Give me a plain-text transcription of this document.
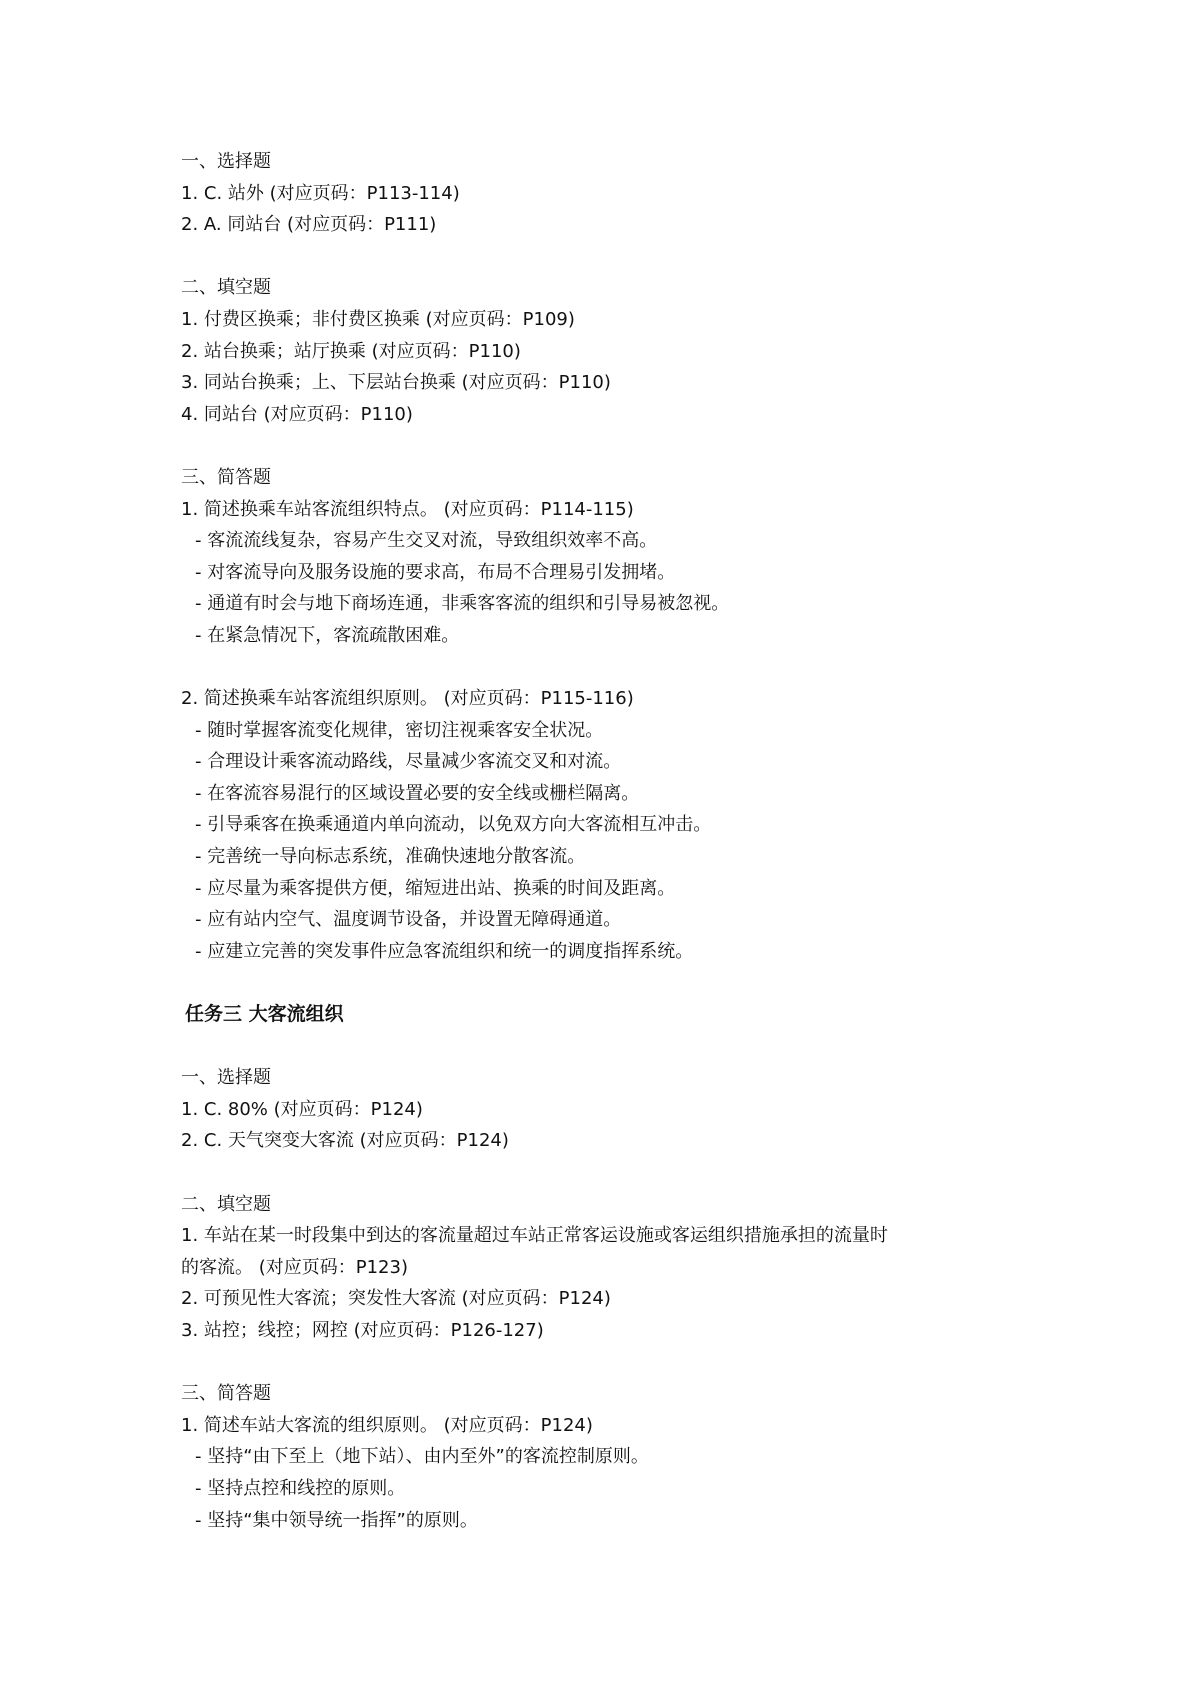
一、选择题

1. C. 站外 (对应页码：P113-114)

2. A. 同站台 (对应页码：P111)

二、填空题

1. 付费区换乘；非付费区换乘 (对应页码：P109)

2. 站台换乘；站厅换乘 (对应页码：P110)

3. 同站台换乘；上、下层站台换乘 (对应页码：P110)

4. 同站台 (对应页码：P110)

三、简答题

1. 简述换乘车站客流组织特点。 (对应页码：P114-115)

- 客流流线复杂，容易产生交叉对流，导致组织效率不高。

- 对客流导向及服务设施的要求高，布局不合理易引发拥堵。

- 通道有时会与地下商场连通，非乘客客流的组织和引导易被忽视。

- 在紧急情况下，客流疏散困难。

2. 简述换乘车站客流组织原则。 (对应页码：P115-116)

- 随时掌握客流变化规律，密切注视乘客安全状况。

- 合理设计乘客流动路线，尽量减少客流交叉和对流。

- 在客流容易混行的区域设置必要的安全线或栅栏隔离。

- 引导乘客在换乘通道内单向流动，以免双方向大客流相互冲击。

- 完善统一导向标志系统，准确快速地分散客流。

- 应尽量为乘客提供方便，缩短进出站、换乘的时间及距离。

- 应有站内空气、温度调节设备，并设置无障碍通道。

- 应建立完善的突发事件应急客流组织和统一的调度指挥系统。

任务三 大客流组织

一、选择题

1. C. 80% (对应页码：P124)

2. C. 天气突变大客流 (对应页码：P124)

二、填空题

1. 车站在某一时段集中到达的客流量超过车站正常客运设施或客运组织措施承担的流量时

的客流。 (对应页码：P123)

2. 可预见性大客流；突发性大客流 (对应页码：P124)

3. 站控；线控；网控 (对应页码：P126-127)

三、简答题

1. 简述车站大客流的组织原则。 (对应页码：P124)

- 坚持“由下至上（地下站）、由内至外”的客流控制原则。

- 坚持点控和线控的原则。

- 坚持“集中领导统一指挥”的原则。
